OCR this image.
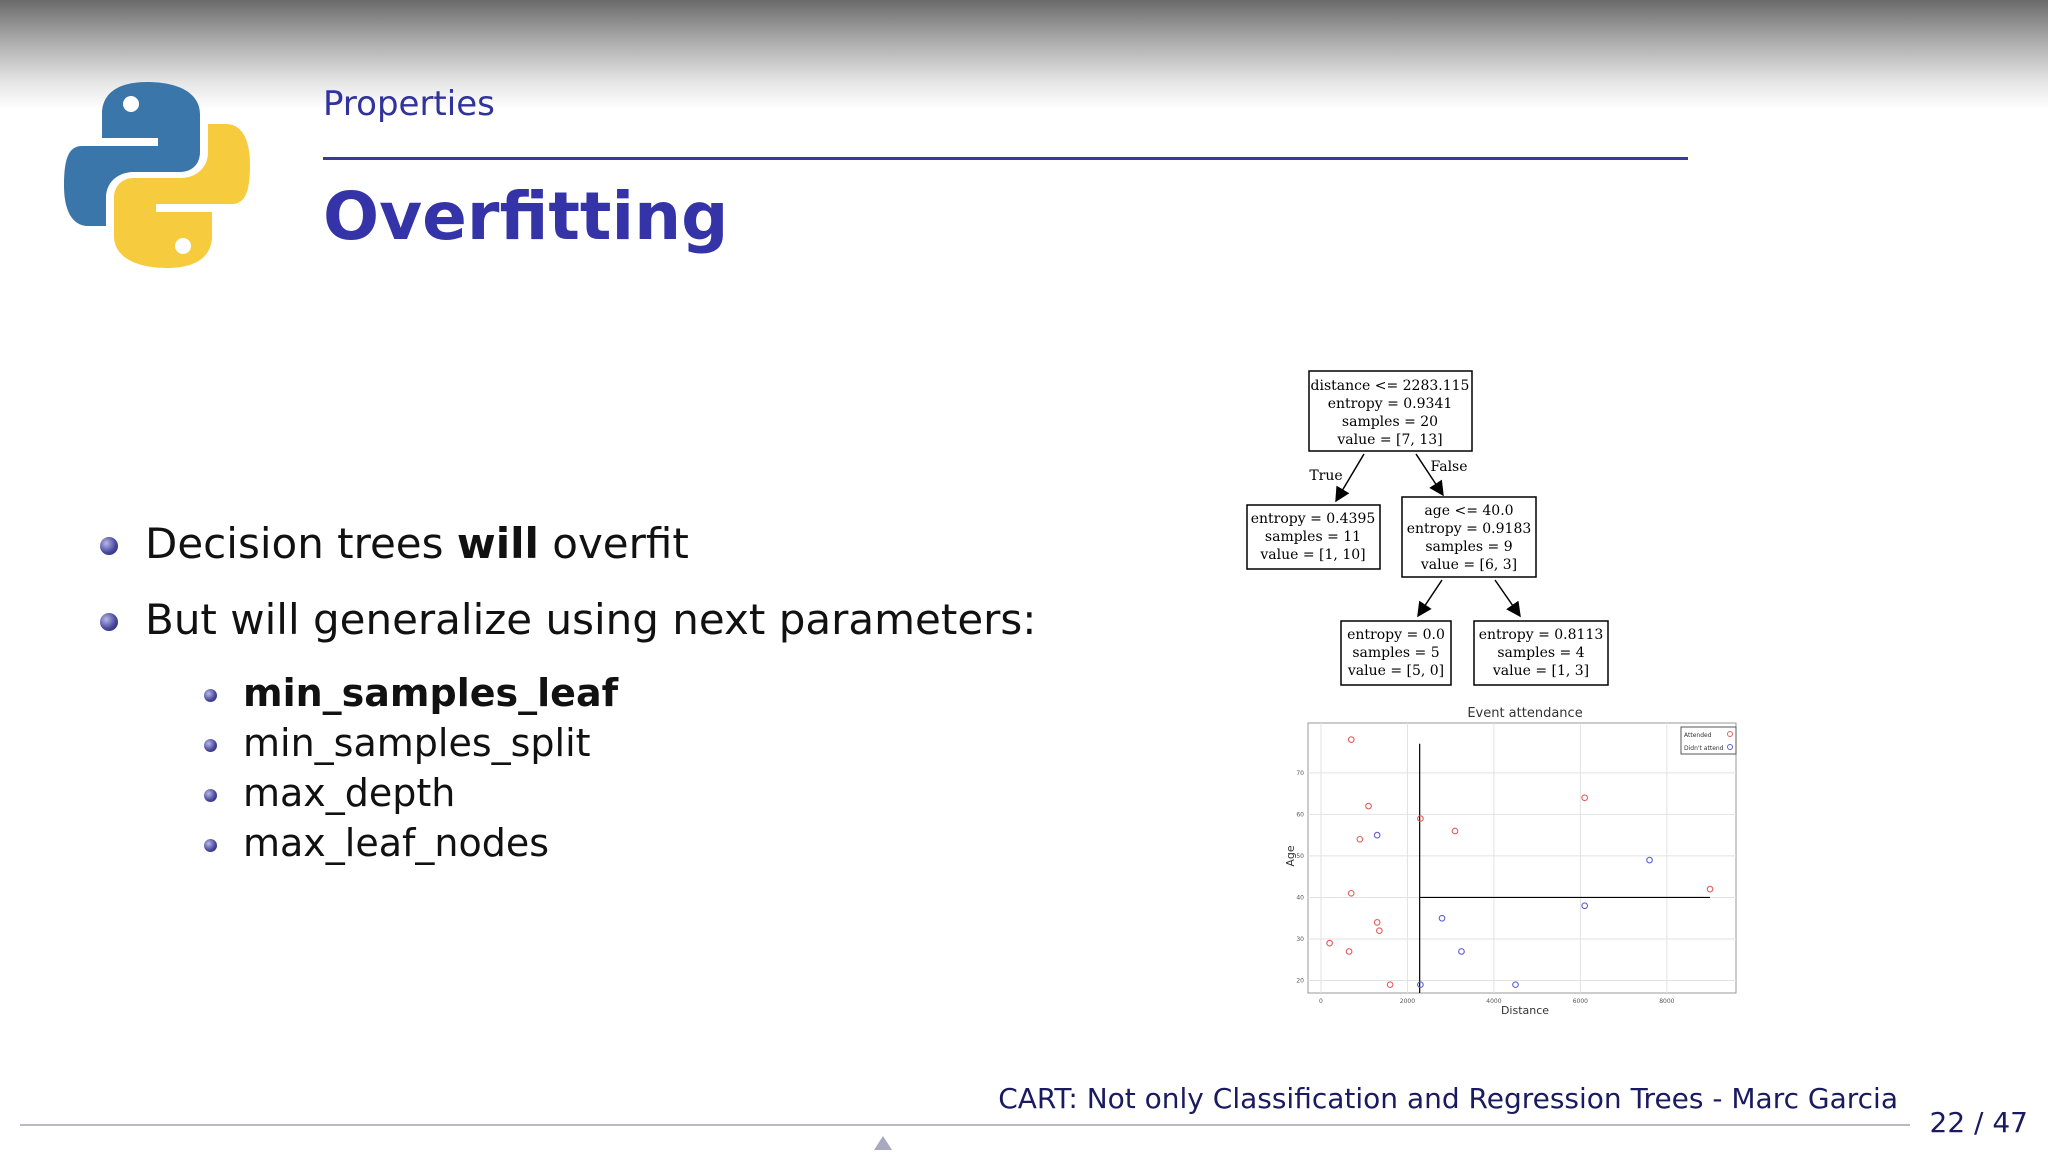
Properties
Overfitting
Decision trees will overfit
But will generalize using next parameters:
min_samples_leaf
min_samples_split
max_depth
max_leaf_nodes
distance <= 2283.115
entropy = 0.9341
samples = 20
value = [7, 13]
True
False
entropy = 0.4395
samples = 11
value = [1, 10]
age <= 40.0
entropy = 0.9183
samples = 9
value = [6, 3]
entropy = 0.0
samples = 5
value = [5, 0]
entropy = 0.8113
samples = 4
value = [1, 3]
Event attendance
0	2000	4000	6000	8000
20
30
40
50
60
70
Distance
Age
Attended
Didn't attend
CART: Not only Classification and Regression Trees - Marc Garcia
22 / 47
